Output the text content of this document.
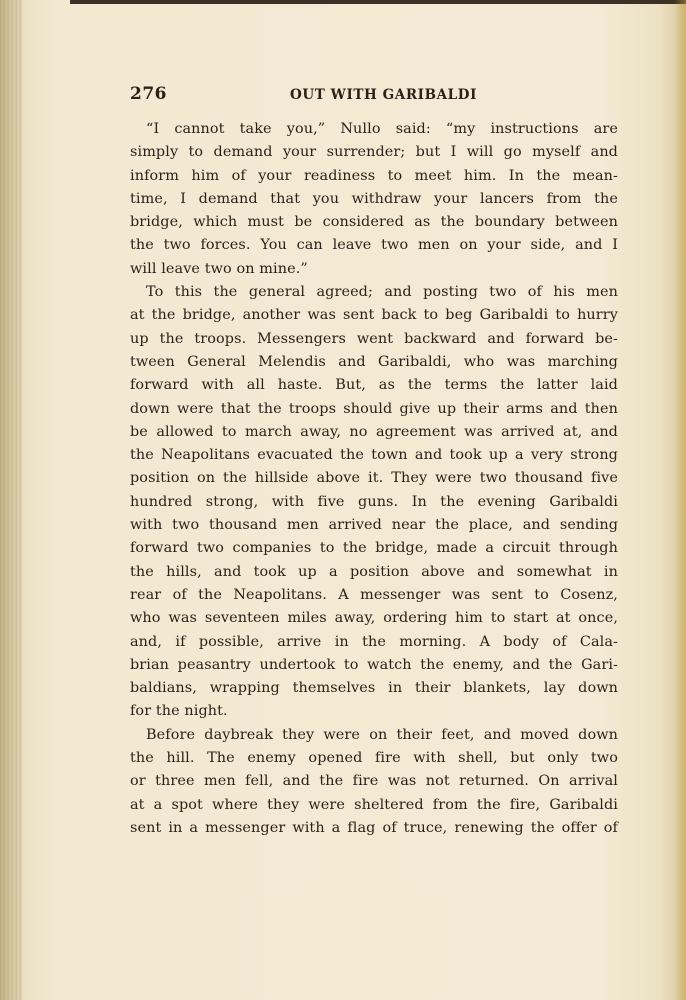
276	OUT WITH GARIBALDI
“I cannot take you,” Nullo said: “my instructions are
simply to demand your surrender; but I will go myself and
inform him of your readiness to meet him. In the mean-
time, I demand that you withdraw your lancers from the
bridge, which must be considered as the boundary between
the two forces. You can leave two men on your side, and I
will leave two on mine.”
To this the general agreed; and posting two of his men
at the bridge, another was sent back to beg Garibaldi to hurry
up the troops. Messengers went backward and forward be-
tween General Melendis and Garibaldi, who was marching
forward with all haste. But, as the terms the latter laid
down were that the troops should give up their arms and then
be allowed to march away, no agreement was arrived at, and
the Neapolitans evacuated the town and took up a very strong
position on the hillside above it. They were two thousand five
hundred strong, with five guns. In the evening Garibaldi
with two thousand men arrived near the place, and sending
forward two companies to the bridge, made a circuit through
the hills, and took up a position above and somewhat in
rear of the Neapolitans. A messenger was sent to Cosenz,
who was seventeen miles away, ordering him to start at once,
and, if possible, arrive in the morning. A body of Cala-
brian peasantry undertook to watch the enemy, and the Gari-
baldians, wrapping themselves in their blankets, lay down
for the night.
Before daybreak they were on their feet, and moved down
the hill. The enemy opened fire with shell, but only two
or three men fell, and the fire was not returned. On arrival
at a spot where they were sheltered from the fire, Garibaldi
sent in a messenger with a flag of truce, renewing the offer of
